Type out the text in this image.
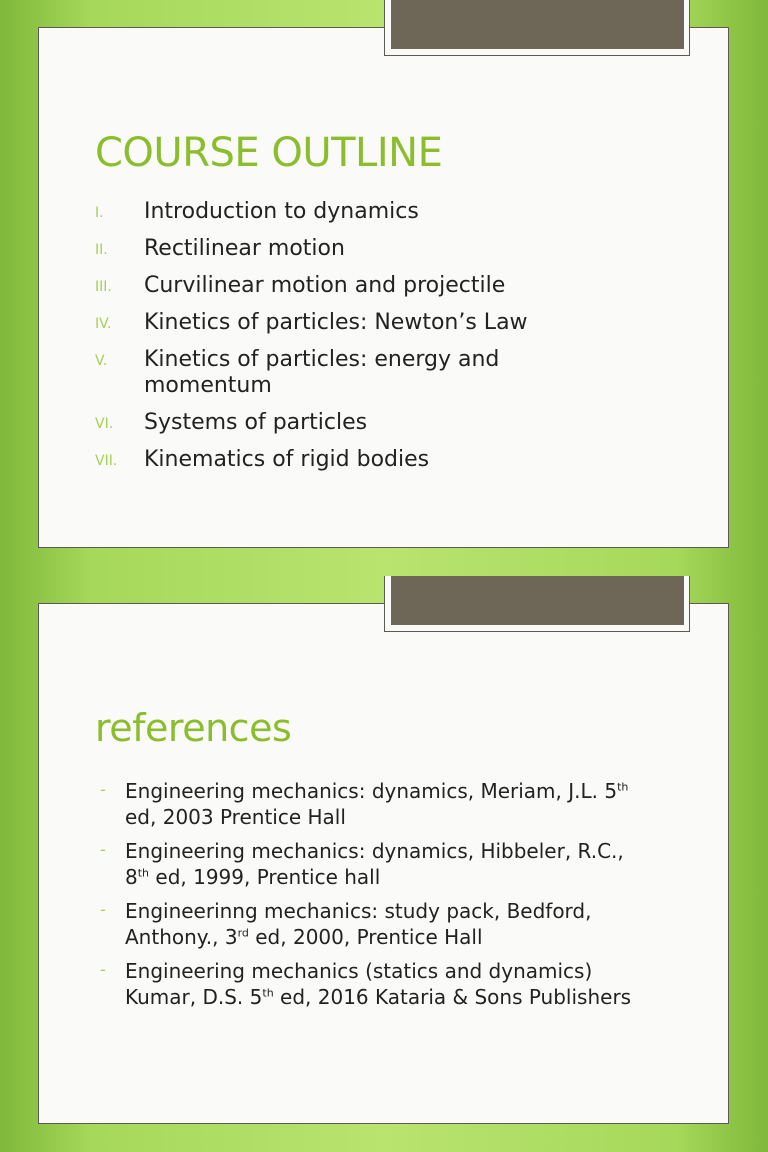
COURSE OUTLINE
I.	Introduction to dynamics
II.	Rectilinear motion
III.	Curvilinear motion and projectile
IV.	Kinetics of particles: Newton’s Law
V.	Kinetics of particles: energy and momentum
VI.	Systems of particles
VII.	Kinematics of rigid bodies
references
- Engineering mechanics: dynamics, Meriam, J.L. 5th ed, 2003 Prentice Hall
- Engineering mechanics: dynamics, Hibbeler, R.C., 8th ed, 1999, Prentice hall
- Engineerinng mechanics: study pack, Bedford, Anthony., 3rd ed, 2000, Prentice Hall
- Engineering mechanics (statics and dynamics) Kumar, D.S. 5th ed, 2016 Kataria & Sons Publishers
